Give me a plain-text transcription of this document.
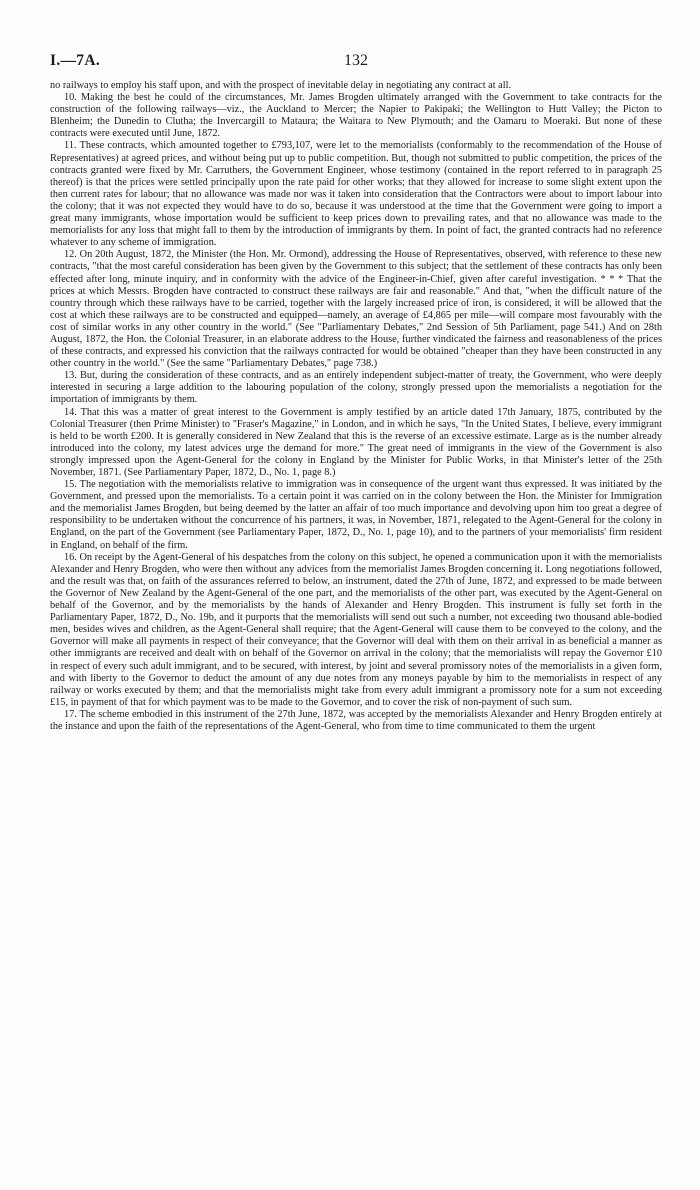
I.—7A.	132

no railways to employ his staff upon, and with the prospect of inevitable delay in negotiating any contract at all.

10. Making the best he could of the circumstances, Mr. James Brogden ultimately arranged with the Government to take contracts for the construction of the following railways—viz., the Auckland to Mercer; the Napier to Pakipaki; the Wellington to Hutt Valley; the Picton to Blenheim; the Dunedin to Clutha; the Invercargill to Mataura; the Waitara to New Plymouth; and the Oamaru to Moeraki. But none of these contracts were executed until June, 1872.

11. These contracts, which amounted together to £793,107, were let to the memorialists (conformably to the recommendation of the House of Representatives) at agreed prices, and without being put up to public competition. But, though not submitted to public competition, the prices of the contracts granted were fixed by Mr. Carruthers, the Government Engineer, whose testimony (contained in the report referred to in paragraph 25 thereof) is that the prices were settled principally upon the rate paid for other works; that they allowed for increase to some slight extent upon the then current rates for labour; that no allowance was made nor was it taken into consideration that the Contractors were about to import labour into the colony; that it was not expected they would have to do so, because it was understood at the time that the Government were going to import a great many immigrants, whose importation would be sufficient to keep prices down to prevailing rates, and that no allowance was made to the memorialists for any loss that might fall to them by the introduction of immigrants by them. In point of fact, the granted contracts had no reference whatever to any scheme of immigration.

12. On 20th August, 1872, the Minister (the Hon. Mr. Ormond), addressing the House of Representatives, observed, with reference to these new contracts, "that the most careful consideration has been given by the Government to this subject; that the settlement of these contracts has only been effected after long, minute inquiry, and in conformity with the advice of the Engineer-in-Chief, given after careful investigation. * * * That the prices at which Messrs. Brogden have contracted to construct these railways are fair and reasonable." And that, "when the difficult nature of the country through which these railways have to be carried, together with the largely increased price of iron, is considered, it will be allowed that the cost at which these railways are to be constructed and equipped—namely, an average of £4,865 per mile—will compare most favourably with the cost of similar works in any other country in the world." (See "Parliamentary Debates," 2nd Session of 5th Parliament, page 541.) And on 28th August, 1872, the Hon. the Colonial Treasurer, in an elaborate address to the House, further vindicated the fairness and reasonableness of the prices of these contracts, and expressed his conviction that the railways contracted for would be obtained "cheaper than they have been constructed in any other country in the world." (See the same "Parliamentary Debates," page 738.)

13. But, during the consideration of these contracts, and as an entirely independent subject-matter of treaty, the Government, who were deeply interested in securing a large addition to the labouring population of the colony, strongly pressed upon the memorialists a negotiation for the importation of immigrants by them.

14. That this was a matter of great interest to the Government is amply testified by an article dated 17th January, 1875, contributed by the Colonial Treasurer (then Prime Minister) to "Fraser's Magazine," in London, and in which he says, "In the United States, I believe, every immigrant is held to be worth £200. It is generally considered in New Zealand that this is the reverse of an excessive estimate. Large as is the number already introduced into the colony, my latest advices urge the demand for more." The great need of immigrants in the view of the Government is also strongly impressed upon the Agent-General for the colony in England by the Minister for Public Works, in that Minister's letter of the 25th November, 1871. (See Parliamentary Paper, 1872, D., No. 1, page 8.)

15. The negotiation with the memorialists relative to immigration was in consequence of the urgent want thus expressed. It was initiated by the Government, and pressed upon the memorialists. To a certain point it was carried on in the colony between the Hon. the Minister for Immigration and the memorialist James Brogden, but being deemed by the latter an affair of too much importance and devolving upon him too great a degree of responsibility to be undertaken without the concurrence of his partners, it was, in November, 1871, relegated to the Agent-General for the colony in England, on the part of the Government (see Parliamentary Paper, 1872, D., No. 1, page 10), and to the partners of your memorialists' firm resident in England, on behalf of the firm.

16. On receipt by the Agent-General of his despatches from the colony on this subject, he opened a communication upon it with the memorialists Alexander and Henry Brogden, who were then without any advices from the memorialist James Brogden concerning it. Long negotiations followed, and the result was that, on faith of the assurances referred to below, an instrument, dated the 27th of June, 1872, and expressed to be made between the Governor of New Zealand by the Agent-General of the one part, and the memorialists of the other part, was executed by the Agent-General on behalf of the Governor, and by the memorialists by the hands of Alexander and Henry Brogden. This instrument is fully set forth in the Parliamentary Paper, 1872, D., No. 19b, and it purports that the memorialists will send out such a number, not exceeding two thousand able-bodied men, besides wives and children, as the Agent-General shall require; that the Agent-General will cause them to be conveyed to the colony, and the Governor will make all payments in respect of their conveyance; that the Governor will deal with them on their arrival in as beneficial a manner as other immigrants are received and dealt with on behalf of the Governor on arrival in the colony; that the memorialists will repay the Governor £10 in respect of every such adult immigrant, and to be secured, with interest, by joint and several promissory notes of the memorialists in a given form, and with liberty to the Governor to deduct the amount of any due notes from any moneys payable by him to the memorialists in respect of any railway or works executed by them; and that the memorialists might take from every adult immigrant a promissory note for a sum not exceeding £15, in payment of that for which payment was to be made to the Governor, and to cover the risk of non-payment of such sum.

17. The scheme embodied in this instrument of the 27th June, 1872, was accepted by the memorialists Alexander and Henry Brogden entirely at the instance and upon the faith of the representations of the Agent-General, who from time to time communicated to them the urgent
